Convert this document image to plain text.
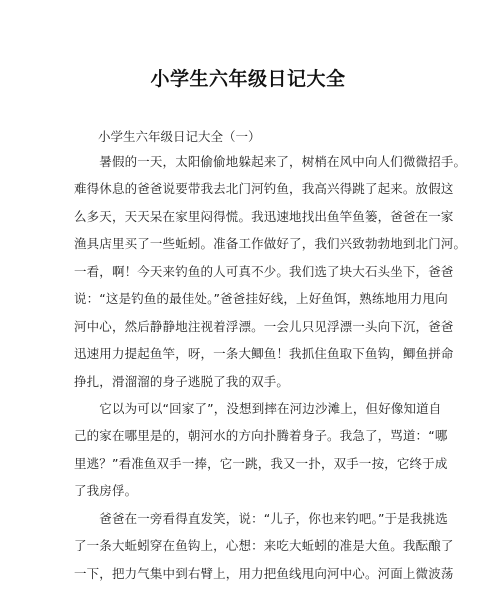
小学生六年级日记大全
小学生六年级日记大全（一）
　　暑假的一天，太阳偷偷地躲起来了，树梢在风中向人们微微招手。
难得休息的爸爸说要带我去北门河钓鱼，我高兴得跳了起来。放假这
么多天，天天呆在家里闷得慌。我迅速地找出鱼竿鱼篓，爸爸在一家
渔具店里买了一些蚯蚓。准备工作做好了，我们兴致勃勃地到北门河。
一看，啊！今天来钓鱼的人可真不少。我们选了块大石头坐下，爸爸
说：“这是钓鱼的最佳处。”爸爸挂好线，上好鱼饵，熟练地用力甩向
河中心，然后静静地注视着浮漂。一会儿只见浮漂一头向下沉，爸爸
迅速用力提起鱼竿，呀，一条大鲫鱼！我抓住鱼取下鱼钩，鲫鱼拼命
挣扎，滑溜溜的身子逃脱了我的双手。
　　它以为可以“回家了”，没想到摔在河边沙滩上，但好像知道自
己的家在哪里是的，朝河水的方向扑腾着身子。我急了，骂道：“哪
里逃？”看准鱼双手一捧，它一跳，我又一扑，双手一按，它终于成
了我房俘。
　　爸爸在一旁看得直发笑，说：“儿子，你也来钓吧。”于是我挑选
了一条大蚯蚓穿在鱼钩上，心想：来吃大蚯蚓的准是大鱼。我酝酿了
一下，把力气集中到右臂上，用力把鱼线甩向河中心。河面上微波荡
